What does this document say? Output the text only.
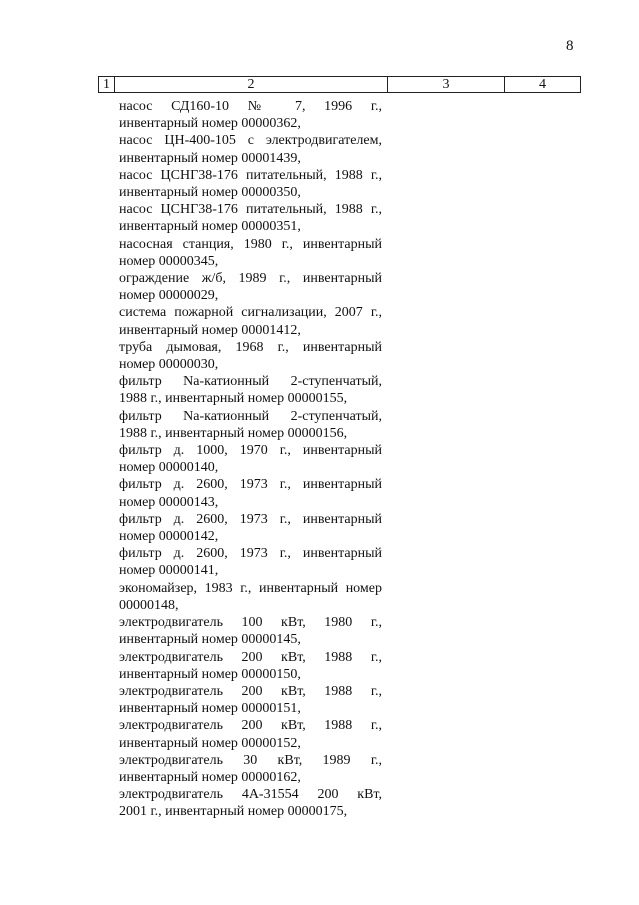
8
1	2	3	4
насос СД160-10 № 7, 1996 г.,
инвентарный номер 00000362,
насос ЦН-400-105 с электродвигателем,
инвентарный номер 00001439,
насос ЦСНГ38-176 питательный, 1988 г.,
инвентарный номер 00000350,
насос ЦСНГ38-176 питательный, 1988 г.,
инвентарный номер 00000351,
насосная станция, 1980 г., инвентарный
номер 00000345,
ограждение ж/б, 1989 г., инвентарный
номер 00000029,
система пожарной сигнализации, 2007 г.,
инвентарный номер 00001412,
труба дымовая, 1968 г., инвентарный
номер 00000030,
фильтр Na-катионный 2-ступенчатый,
1988 г., инвентарный номер 00000155,
фильтр Na-катионный 2-ступенчатый,
1988 г., инвентарный номер 00000156,
фильтр д. 1000, 1970 г., инвентарный
номер 00000140,
фильтр д. 2600, 1973 г., инвентарный
номер 00000143,
фильтр д. 2600, 1973 г., инвентарный
номер 00000142,
фильтр д. 2600, 1973 г., инвентарный
номер 00000141,
экономайзер, 1983 г., инвентарный номер
00000148,
электродвигатель 100 кВт, 1980 г.,
инвентарный номер 00000145,
электродвигатель 200 кВт, 1988 г.,
инвентарный номер 00000150,
электродвигатель 200 кВт, 1988 г.,
инвентарный номер 00000151,
электродвигатель 200 кВт, 1988 г.,
инвентарный номер 00000152,
электродвигатель 30 кВт, 1989 г.,
инвентарный номер 00000162,
электродвигатель 4А-31554 200 кВт,
2001 г., инвентарный номер 00000175,
